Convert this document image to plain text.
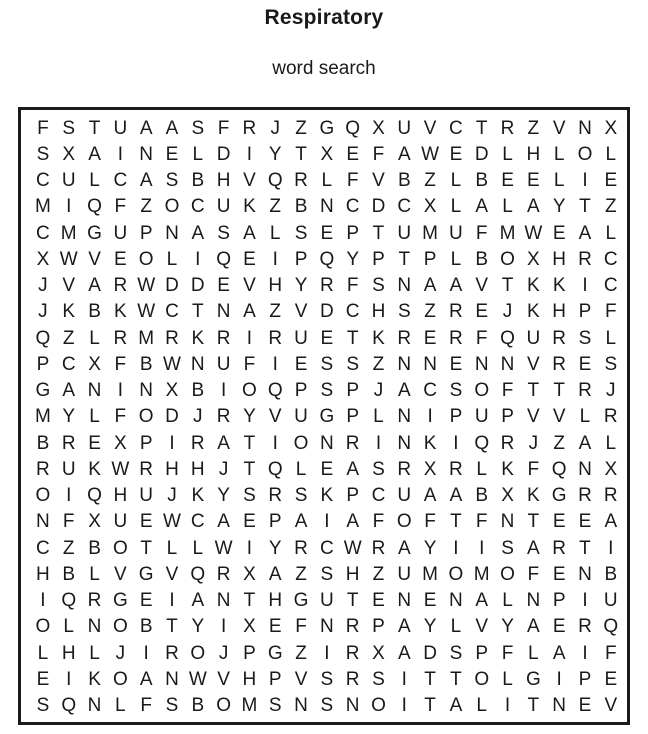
Respiratory
word search
F S T U A A S F R J Z G Q X U V C T R Z V N X
S X A I N E L D I Y T X E F A W E D L H L O L
C U L C A S B H V Q R L F V B Z L B E E L I E
M I Q F Z O C U K Z B N C D C X L A L A Y T Z
C M G U P N A S A L S E P T U M U F M W E A L
X W V E O L I Q E I P Q Y P T P L B O X H R C
J V A R W D D E V H Y R F S N A A V T K K I C
J K B K W C T N A Z V D C H S Z R E J K H P F
Q Z L R M R K R I R U E T K R E R F Q U R S L
P C X F B W N U F I E S S Z N N E N N V R E S
G A N I N X B I O Q P S P J A C S O F T T R J
M Y L F O D J R Y V U G P L N I P U P V V L R
B R E X P I R A T I O N R I N K I Q R J Z A L
R U K W R H H J T Q L E A S R X R L K F Q N X
O I Q H U J K Y S R S K P C U A A B X K G R R
N F X U E W C A E P A I A F O F T F N T E E A
C Z B O T L L W I Y R C W R A Y I	I S A R T I
H B L V G V Q R X A Z S H Z U M O M O F E N B
I Q R G E I A N T H G U T E N E N A L N P I U
O L N O B T Y I X E F N R P A Y L V Y A E R Q
L H L J I R O J P G Z I R X A D S P F L A I F
E I K O A N W V H P V S R S I T T O L G I P E
S Q N L F S B O M S N S N O I T A L I T N E V
